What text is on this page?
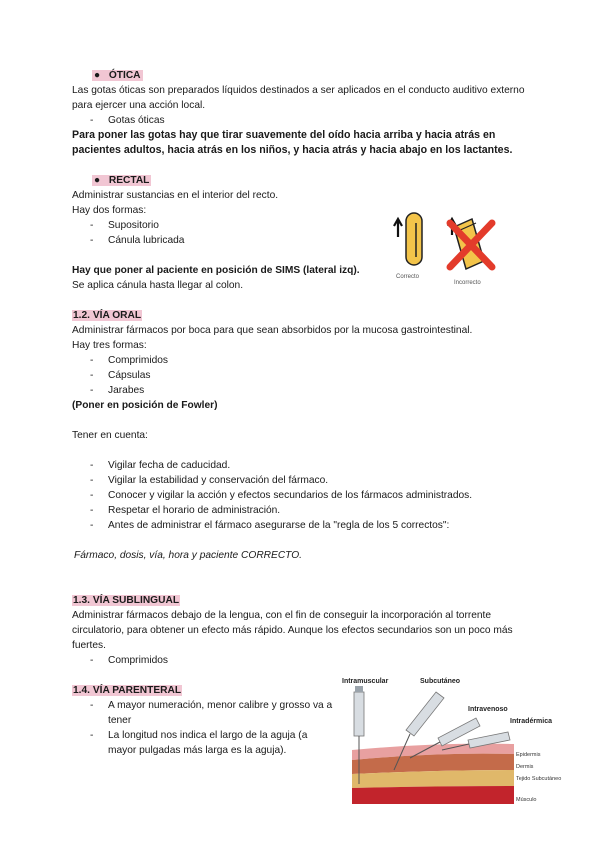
● ÓTICA
Las gotas óticas son preparados líquidos destinados a ser aplicados en el conducto auditivo externo para ejercer una acción local.
-	Gotas óticas
Para poner las gotas hay que tirar suavemente del oído hacia arriba y hacia atrás en pacientes adultos, hacia atrás en los niños, y hacia atrás y hacia abajo en los lactantes.
● RECTAL
Administrar sustancias en el interior del recto.
Hay dos formas:
-	Supositorio
-	Cánula lubricada
Hay que poner al paciente en posición de SIMS (lateral izq). Se aplica cánula hasta llegar al colon.
1.2. VÍA ORAL
Administrar fármacos por boca para que sean absorbidos por la mucosa gastrointestinal.
Hay tres formas:
-	Comprimidos
-	Cápsulas
-	Jarabes
(Poner en posición de Fowler)
Tener en cuenta:
-	Vigilar fecha de caducidad.
-	Vigilar la estabilidad y conservación del fármaco.
-	Conocer y vigilar la acción y efectos secundarios de los fármacos administrados.
-	Respetar el horario de administración.
-	Antes de administrar el fármaco asegurarse de la "regla de los 5 correctos":
Fármaco, dosis, vía, hora y paciente CORRECTO.
1.3. VÍA SUBLINGUAL
Administrar fármacos debajo de la lengua, con el fin de conseguir la incorporación al torrente circulatorio, para obtener un efecto más rápido. Aunque los efectos secundarios son un poco más fuertes.
-	Comprimidos
1.4. VÍA PARENTERAL
-	A mayor numeración, menor calibre y grosso va a tener
-	La longitud nos indica el largo de la aguja (a mayor pulgadas más larga es la aguja).
Correcto
Incorrecto
Intramuscular	Subcutáneo
Intravenoso
Intradérmica
Epidermis
Dermis
Tejido Subcutáneo
Músculo
